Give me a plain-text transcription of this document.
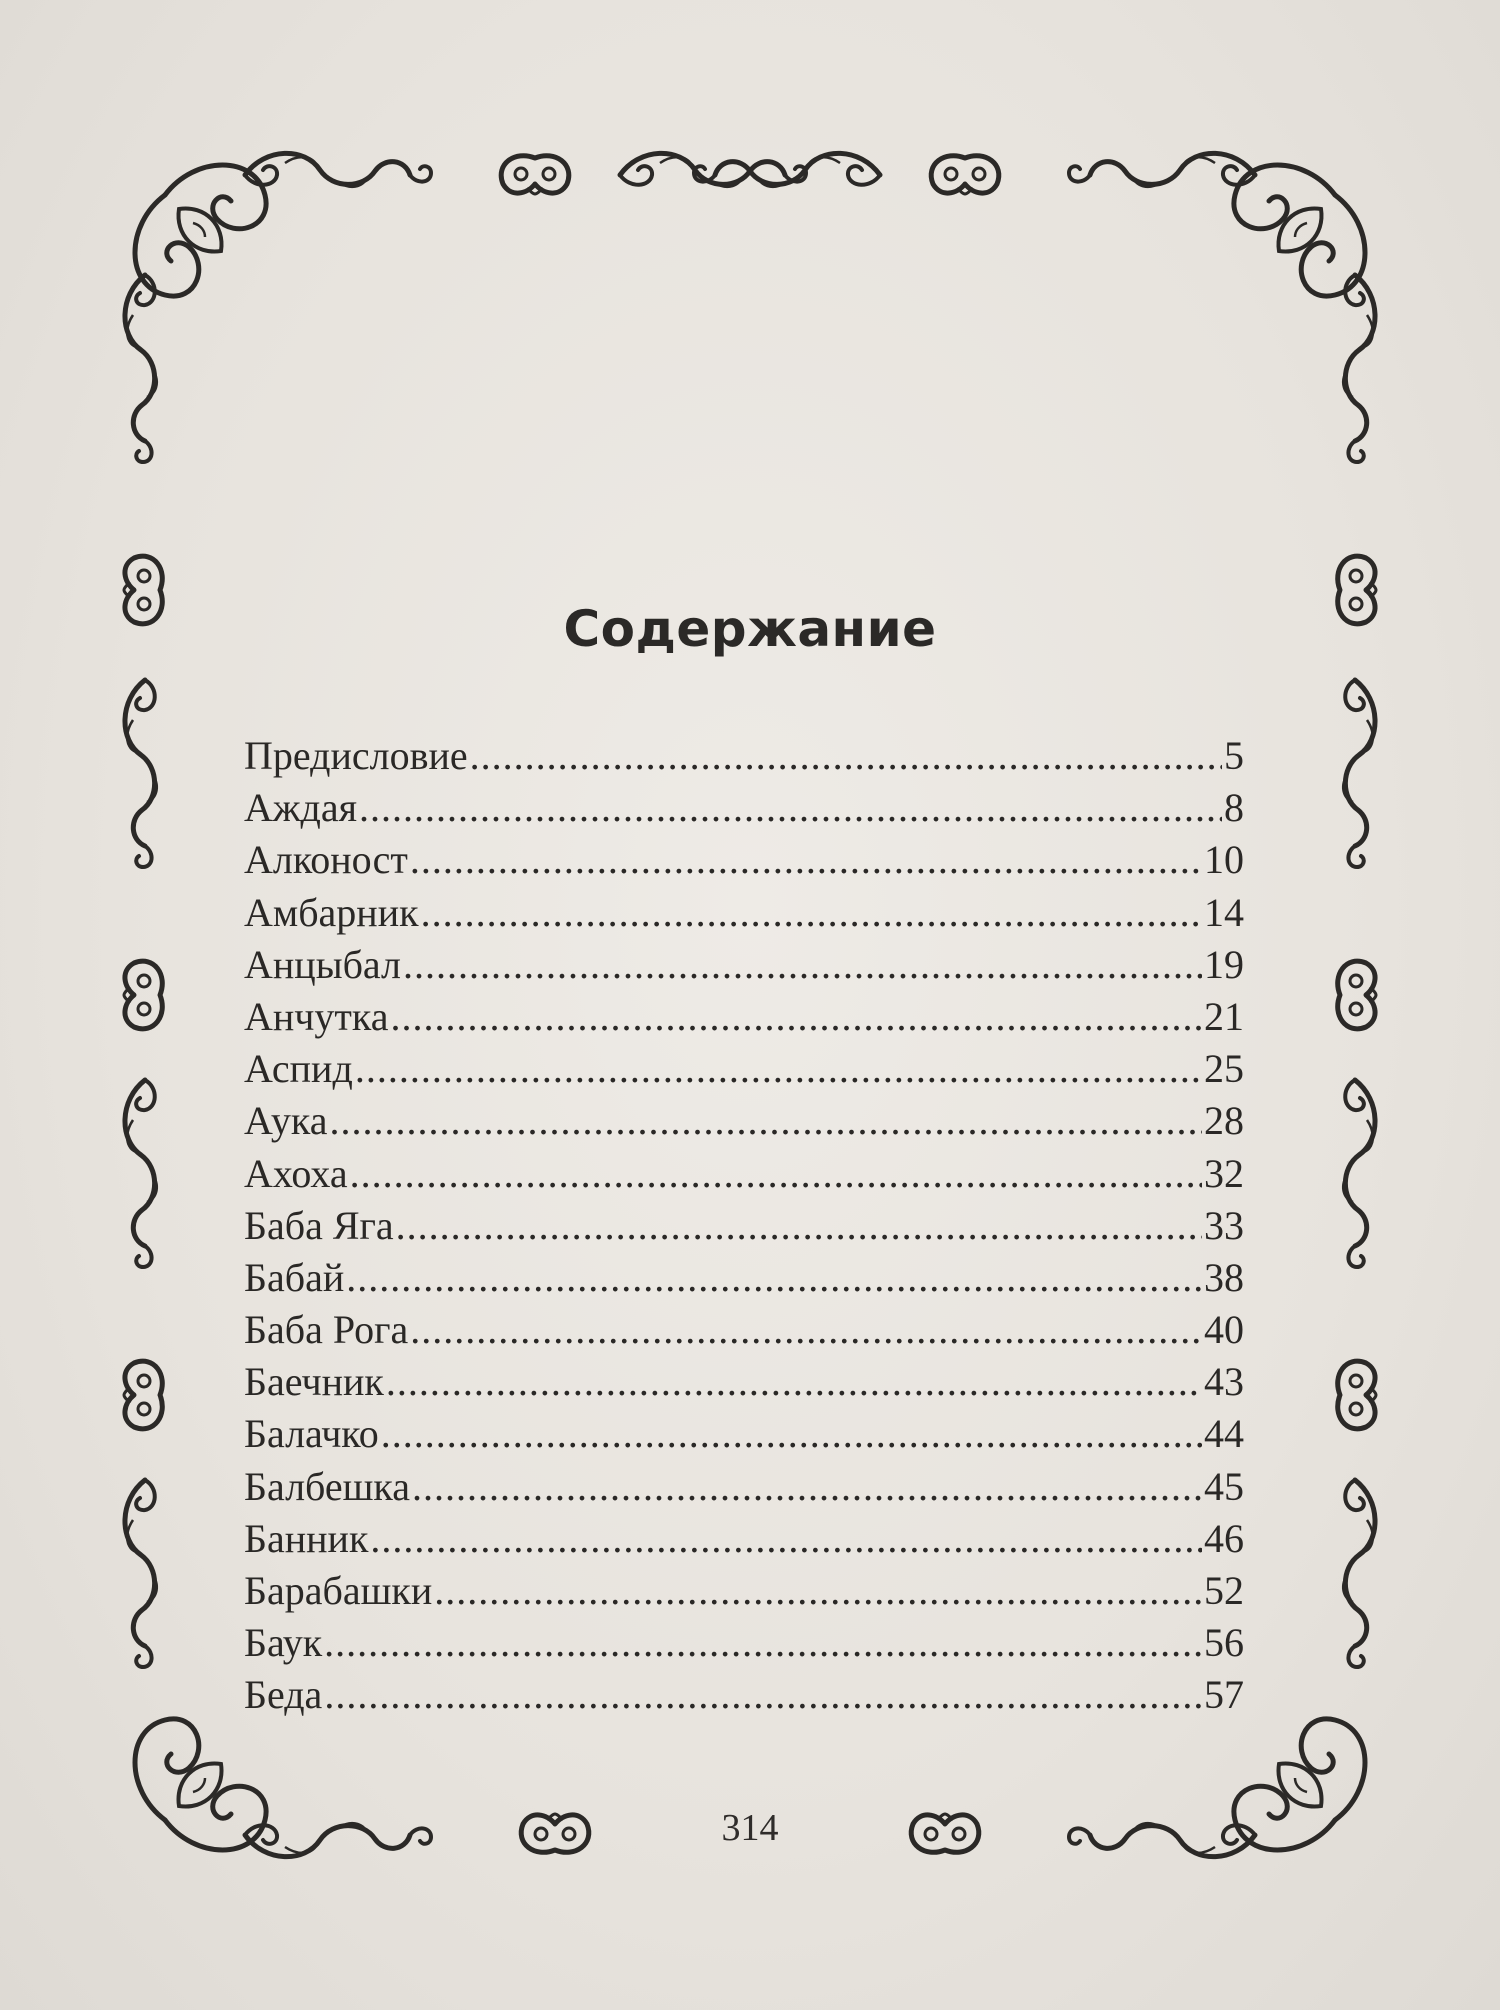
Содержание
Предисловие .....	5
Аждая .....	8
Алконост .....	10
Амбарник .....	14
Анцыбал .....	19
Анчутка .....	21
Аспид .....	25
Аука .....	28
Ахоха .....	32
Баба Яга .....	33
Бабай .....	38
Баба Рога .....	40
Баечник .....	43
Балачко .....	44
Балбешка .....	45
Банник .....	46
Барабашки .....	52
Баук .....	56
Беда .....	57
314
